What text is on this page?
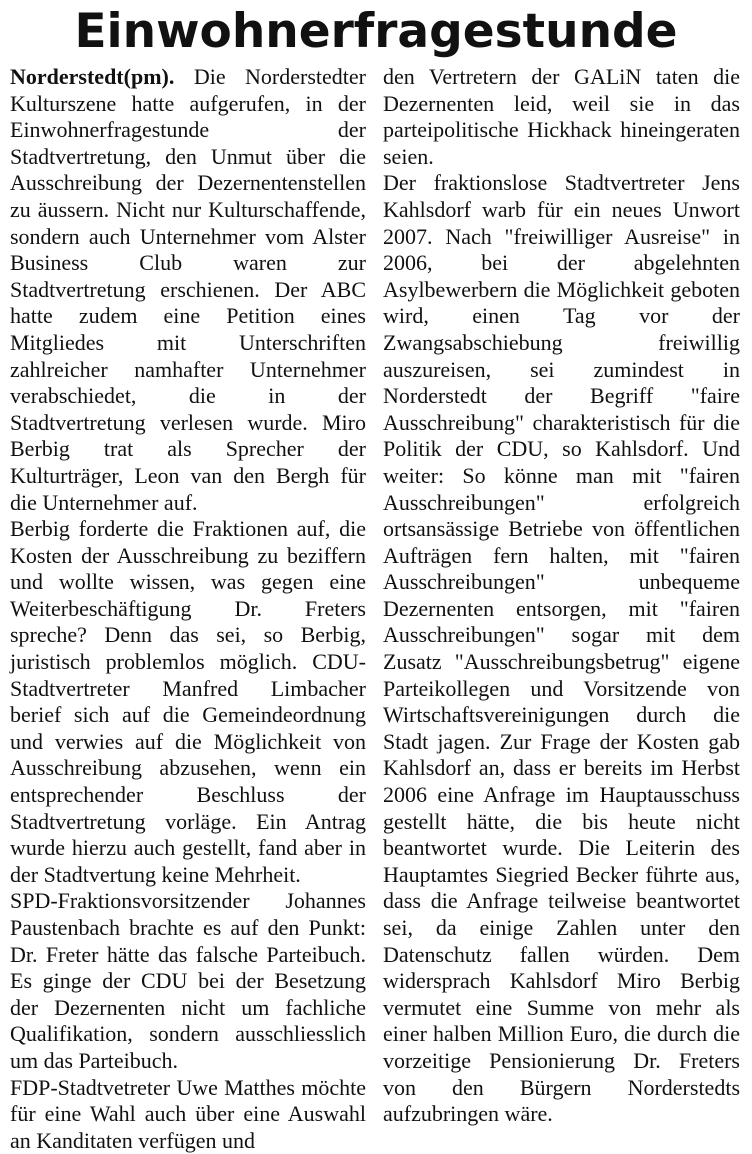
Einwohnerfragestunde

Norderstedt(pm). Die Norderstedter Kulturszene hatte aufgerufen, in der Einwohnerfragestunde der Stadtvertretung, den Unmut über die Ausschreibung der Dezernentenstellen zu äussern. Nicht nur Kulturschaffende, sondern auch Unternehmer vom Alster Business Club waren zur Stadtvertretung erschienen. Der ABC hatte zudem eine Petition eines Mitgliedes mit Unterschriften zahlreicher namhafter Unternehmer verabschiedet, die in der Stadtvertretung verlesen wurde. Miro Berbig trat als Sprecher der Kulturträger, Leon van den Bergh für die Unternehmer auf.

Berbig forderte die Fraktionen auf, die Kosten der Ausschreibung zu beziffern und wollte wissen, was gegen eine Weiterbeschäftigung Dr. Freters spreche? Denn das sei, so Berbig, juristisch problemlos möglich. CDU-Stadtvertreter Manfred Limbacher berief sich auf die Gemeindeordnung und verwies auf die Möglichkeit von Ausschreibung abzusehen, wenn ein entsprechender Beschluss der Stadtvertretung vorläge. Ein Antrag wurde hierzu auch gestellt, fand aber in der Stadtvertung keine Mehrheit.

SPD-Fraktionsvorsitzender Johannes Paustenbach brachte es auf den Punkt: Dr. Freter hätte das falsche Parteibuch. Es ginge der CDU bei der Besetzung der Dezernenten nicht um fachliche Qualifikation, sondern ausschliesslich um das Parteibuch.

FDP-Stadtvetreter Uwe Matthes möchte für eine Wahl auch über eine Auswahl an Kanditaten verfügen und

den Vertretern der GALiN taten die Dezernenten leid, weil sie in das parteipolitische Hickhack hineingeraten seien.

Der fraktionslose Stadtvertreter Jens Kahlsdorf warb für ein neues Unwort 2007. Nach "freiwilliger Ausreise" in 2006, bei der abgelehnten Asylbewerbern die Möglichkeit geboten wird, einen Tag vor der Zwangsabschiebung freiwillig auszureisen, sei zumindest in Norderstedt der Begriff "faire Ausschreibung" charakteristisch für die Politik der CDU, so Kahlsdorf. Und weiter: So könne man mit "fairen Ausschreibungen" erfolgreich ortsansässige Betriebe von öffentlichen Aufträgen fern halten, mit "fairen Ausschreibungen" unbequeme Dezernenten entsorgen, mit "fairen Ausschreibungen" sogar mit dem Zusatz "Ausschreibungsbetrug" eigene Parteikollegen und Vorsitzende von Wirtschaftsvereinigungen durch die Stadt jagen. Zur Frage der Kosten gab Kahlsdorf an, dass er bereits im Herbst 2006 eine Anfrage im Hauptausschuss gestellt hätte, die bis heute nicht beantwortet wurde. Die Leiterin des Hauptamtes Siegried Becker führte aus, dass die Anfrage teilweise beantwortet sei, da einige Zahlen unter den Datenschutz fallen würden. Dem widersprach Kahlsdorf Miro Berbig vermutet eine Summe von mehr als einer halben Million Euro, die durch die vorzeitige Pensionierung Dr. Freters von den Bürgern Norderstedts aufzubringen wäre.
